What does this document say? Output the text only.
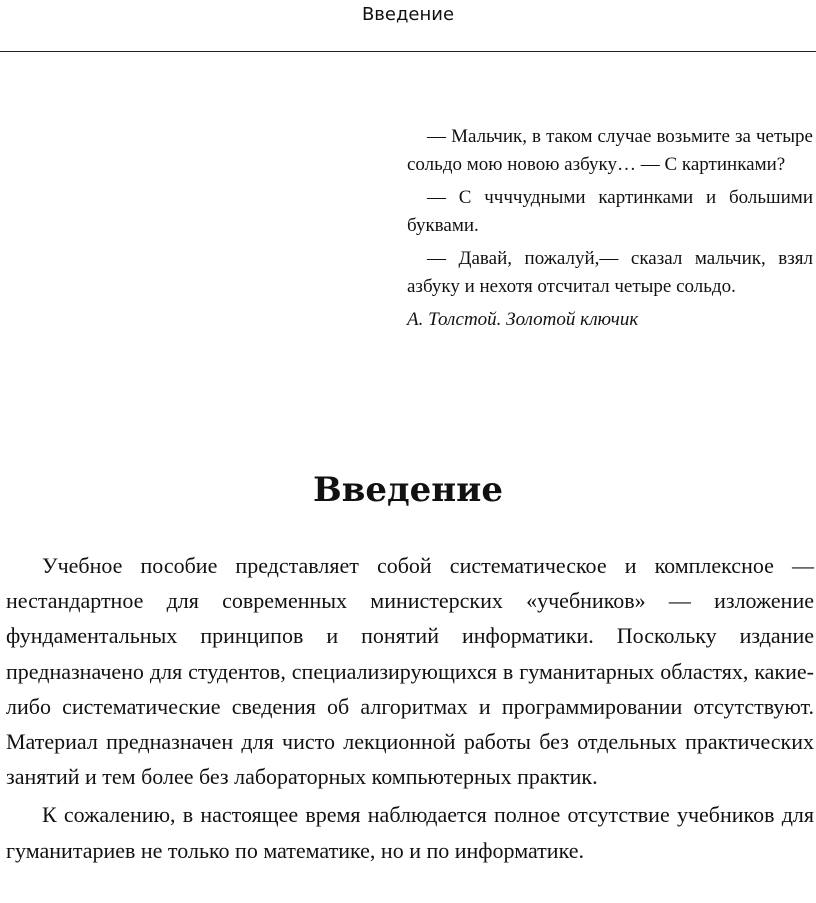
Введение

— Мальчик, в таком случае возьмите за четыре сольдо мою новою азбуку… — С картинками?

— С ччччудными картинками и большими буквами.

— Давай, пожалуй,— сказал мальчик, взял азбуку и нехотя отсчитал четыре сольдо.

А. Толстой. Золотой ключик

Введение

Учебное пособие представляет собой систематическое и комплексное — нестандартное для современных министерских «учебников» — изложение фундаментальных принципов и понятий информатики. Поскольку издание предназначено для студентов, специализирующихся в гуманитарных областях, какие-либо систематические сведения об алгоритмах и программировании отсутствуют. Материал предназначен для чисто лекционной работы без отдельных практических занятий и тем более без лабораторных компьютерных практик.

К сожалению, в настоящее время наблюдается полное отсутствие учебников для гуманитариев не только по математике, но и по информатике.
